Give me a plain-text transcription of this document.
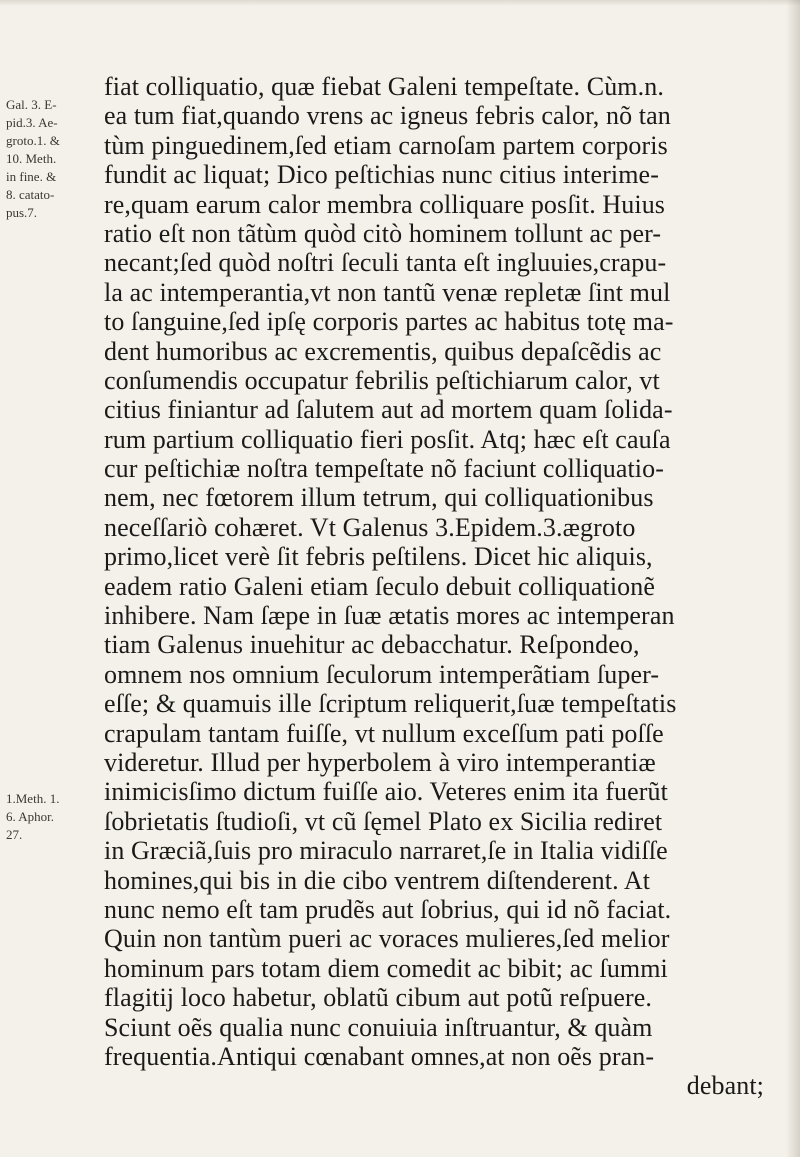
Gal. 3. E-
pid.3. Ae-
groto.1. &
10. Meth.
in fine. &
8. catato-
pus.7.
1.Meth. 1.
6. Aphor.
27.
fiat colliquatio, quæ fiebat Galeni tempeſtate. Cùm.n.
ea tum fiat,quando vrens ac igneus febris calor, nõ tan
tùm pinguedinem,ſed etiam carnoſam partem corporis
fundit ac liquat; Dico peſtichias nunc citius interime-
re,quam earum calor membra colliquare posſit. Huius
ratio eſt non tãtùm quòd citò hominem tollunt ac per-
necant;ſed quòd noſtri ſeculi tanta eſt ingluuies,crapu-
la ac intemperantia,vt non tantũ venæ repletæ ſint mul
to ſanguine,ſed ipſę corporis partes ac habitus totę ma-
dent humoribus ac excrementis, quibus depaſcẽdis ac
conſumendis occupatur febrilis peſtichiarum calor, vt
citius finiantur ad ſalutem aut ad mortem quam ſolida-
rum partium colliquatio fieri posſit. Atq; hæc eſt cauſa
cur peſtichiæ noſtra tempeſtate nõ faciunt colliquatio-
nem, nec fœtorem illum tetrum, qui colliquationibus
neceſſariò cohæret. Vt Galenus 3.Epidem.3.ægroto
primo,licet verè ſit febris peſtilens. Dicet hic aliquis,
eadem ratio Galeni etiam ſeculo debuit colliquationẽ
inhibere. Nam ſæpe in ſuæ ætatis mores ac intemperan
tiam Galenus inuehitur ac debacchatur. Reſpondeo,
omnem nos omnium ſeculorum intemperãtiam ſuper-
eſſe; & quamuis ille ſcriptum reliquerit,ſuæ tempeſtatis
crapulam tantam fuiſſe, vt nullum exceſſum pati poſſe
videretur. Illud per hyperbolem à viro intemperantiæ
inimicisſimo dictum fuiſſe aio. Veteres enim ita fuerũt
ſobrietatis ſtudioſi, vt cũ ſęmel Plato ex Sicilia rediret
in Græciã,ſuis pro miraculo narraret,ſe in Italia vidiſſe
homines,qui bis in die cibo ventrem diſtenderent. At
nunc nemo eſt tam prudẽs aut ſobrius, qui id nõ faciat.
Quin non tantùm pueri ac voraces mulieres,ſed melior
hominum pars totam diem comedit ac bibit; ac ſummi
flagitij loco habetur, oblatũ cibum aut potũ reſpuere.
Sciunt oẽs qualia nunc conuiuia inſtruantur, & quàm
frequentia.Antiqui cœnabant omnes,at non oẽs pran-
debant;
